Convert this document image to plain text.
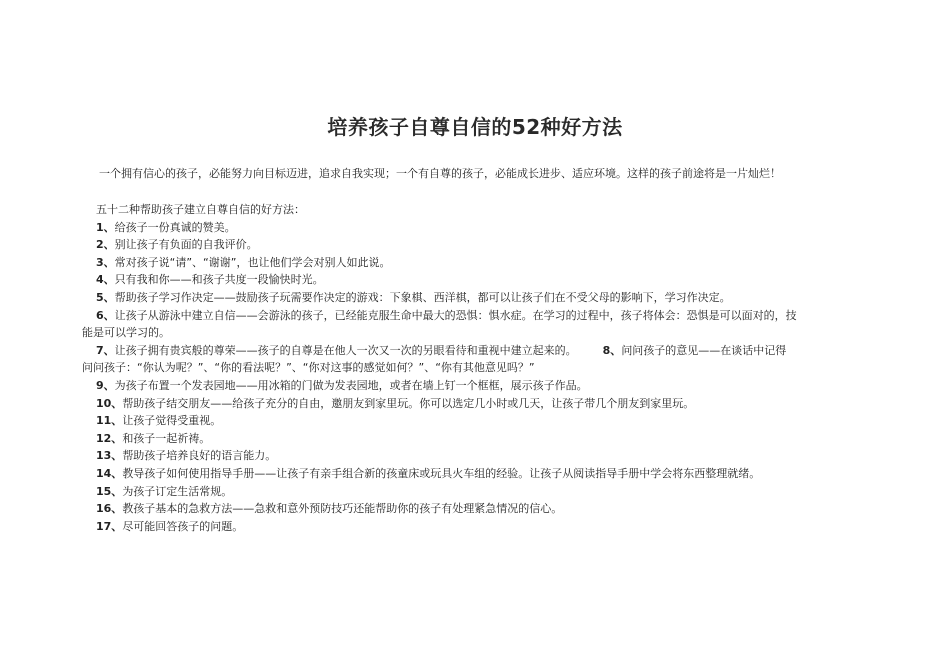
培养孩子自尊自信的52种好方法
一个拥有信心的孩子，必能努力向目标迈进，追求自我实现；一个有自尊的孩子，必能成长进步、适应环境。这样的孩子前途将是一片灿烂！
五十二种帮助孩子建立自尊自信的好方法：
1、给孩子一份真诚的赞美。
2、别让孩子有负面的自我评价。
3、常对孩子说“请”、“谢谢”，也让他们学会对别人如此说。
4、只有我和你——和孩子共度一段愉快时光。
5、帮助孩子学习作决定——鼓励孩子玩需要作决定的游戏：下象棋、西洋棋，都可以让孩子们在不受父母的影响下，学习作决定。
6、让孩子从游泳中建立自信——会游泳的孩子，已经能克服生命中最大的恐惧：惧水症。在学习的过程中，孩子将体会：恐惧是可以面对的，技
能是可以学习的。
7、让孩子拥有贵宾般的尊荣——孩子的自尊是在他人一次又一次的另眼看待和重视中建立起来的。 8、问问孩子的意见——在谈话中记得
问问孩子：“你认为呢？”、“你的看法呢？”、“你对这事的感觉如何？”、“你有其他意见吗？”
9、为孩子布置一个发表园地——用冰箱的门做为发表园地，或者在墙上钉一个框框，展示孩子作品。
10、帮助孩子结交朋友——给孩子充分的自由，邀朋友到家里玩。你可以选定几小时或几天，让孩子带几个朋友到家里玩。
11、让孩子觉得受重视。
12、和孩子一起祈祷。
13、帮助孩子培养良好的语言能力。
14、教导孩子如何使用指导手册——让孩子有亲手组合新的孩童床或玩具火车组的经验。让孩子从阅读指导手册中学会将东西整理就绪。
15、为孩子订定生活常规。
16、教孩子基本的急救方法——急救和意外预防技巧还能帮助你的孩子有处理紧急情况的信心。
17、尽可能回答孩子的问题。
